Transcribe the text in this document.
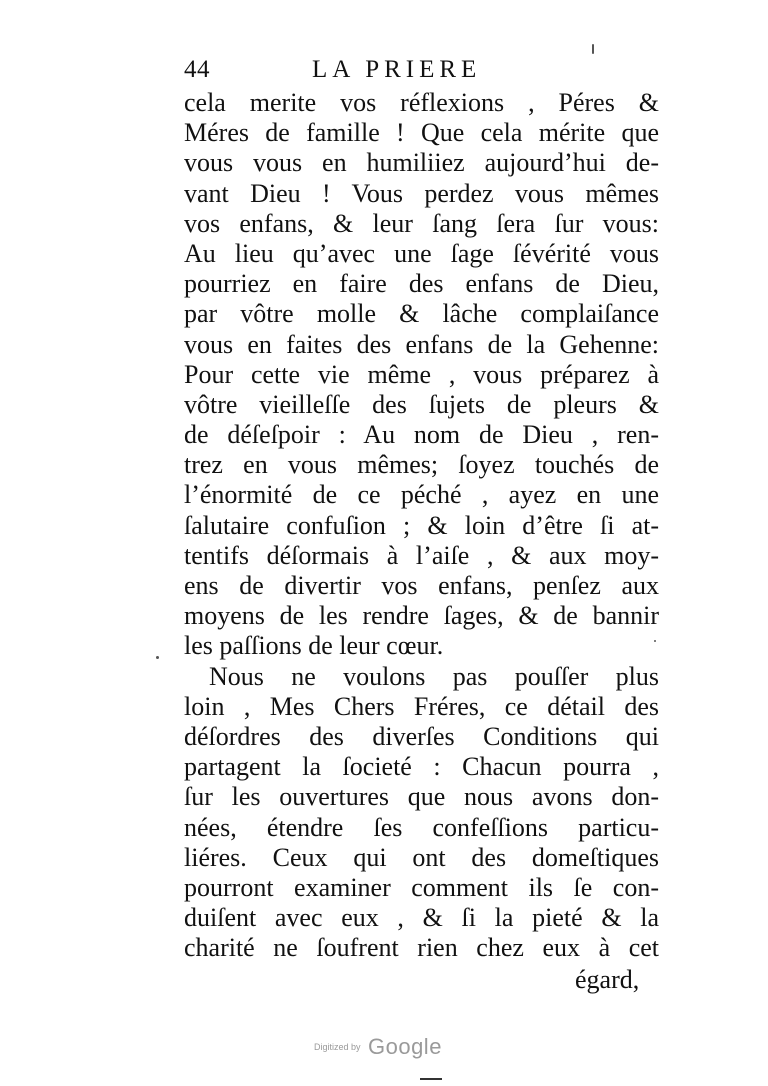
44	LA PRIERE
cela merite vos réflexions , Péres &
Méres de famille ! Que cela mérite que
vous vous en humiliiez aujourd’hui de-
vant Dieu ! Vous perdez vous mêmes
vos enfans, & leur ſang ſera ſur vous:
Au lieu qu’avec une ſage ſévérité vous
pourriez en faire des enfans de Dieu,
par vôtre molle & lâche complaiſance
vous en faites des enfans de la Gehenne:
Pour cette vie même , vous préparez à
vôtre vieilleſſe des ſujets de pleurs &
de déſeſpoir : Au nom de Dieu , ren-
trez en vous mêmes; ſoyez touchés de
l’énormité de ce péché , ayez en une
ſalutaire confuſion ; & loin d’être ſi at-
tentifs déſormais à l’aiſe , & aux moy-
ens de divertir vos enfans, penſez aux
moyens de les rendre ſages, & de bannir
les paſſions de leur cœur.
Nous ne voulons pas pouſſer plus
loin , Mes Chers Fréres, ce détail des
déſordres des diverſes Conditions qui
partagent la ſocieté : Chacun pourra ,
ſur les ouvertures que nous avons don-
nées, étendre ſes confeſſions particu-
liéres. Ceux qui ont des domeſtiques
pourront examiner comment ils ſe con-
duiſent avec eux , & ſi la pieté & la
charité ne ſoufrent rien chez eux à cet
égard,
Digitized by Google
